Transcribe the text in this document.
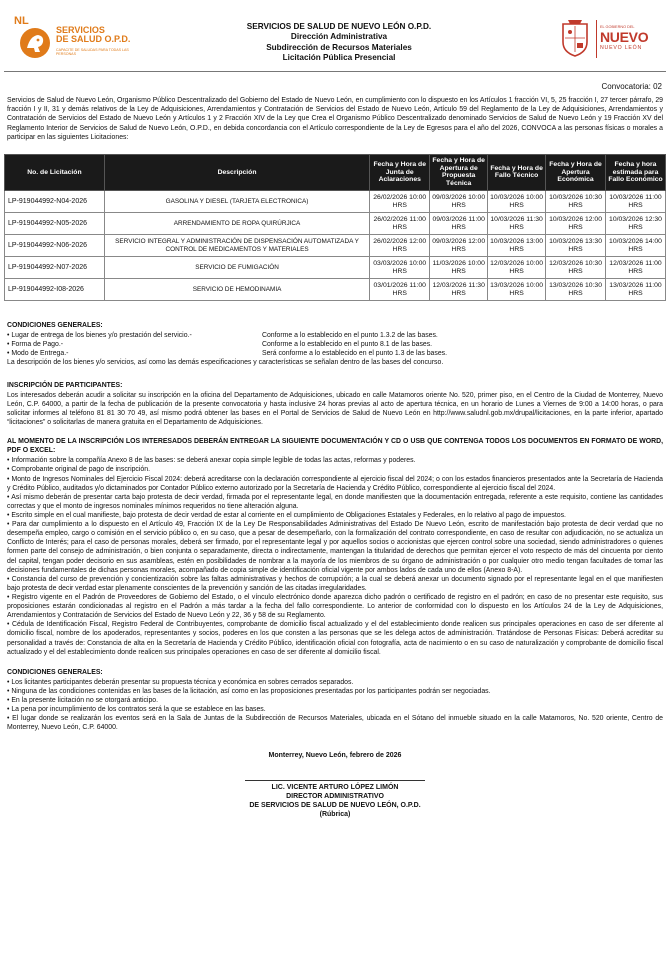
NL
SERVICIOS
DE SALUD O.P.D.
CAPACITE DE SALUDAS PARA TODAS LAS PERSONAS
SERVICIOS DE SALUD DE NUEVO LEÓN O.P.D.
Dirección Administrativa
Subdirección de Recursos Materiales
Licitación Pública Presencial
EL GOBIERNO DEL
NUEVO
NUEVO LEÓN
Convocatoria: 02
Servicios de Salud de Nuevo León, Organismo Público Descentralizado del Gobierno del Estado de Nuevo León, en cumplimiento con lo dispuesto en los Artículos 1 fracción VI, 5, 25 fracción I, 27 tercer párrafo, 29 fracción I y II, 31 y demás relativos de la Ley de Adquisiciones, Arrendamientos y Contratación de Servicios del Estado de Nuevo León, Artículo 59 del Reglamento de la Ley de Adquisiciones, Arrendamientos y Contratación de Servicios del Estado de Nuevo León y Artículos 1 y 2 Fracción XIV de la Ley que Crea el Organismo Público Descentralizado denominado Servicios de Salud de Nuevo León y 19 Fracción XV del Reglamento Interior de Servicios de Salud de Nuevo León, O.P.D., en debida concordancia con el Artículo correspondiente de la Ley de Egresos para el año del 2026, CONVOCA a las personas físicas o morales a participar en las siguientes Licitaciones:
No. de Licitación	Descripción	Fecha y Hora de Junta de Aclaraciones	Fecha y Hora de Apertura de Propuesta Técnica	Fecha y Hora de Fallo Técnico	Fecha y Hora de Apertura Económica	Fecha y hora estimada para Fallo Económico
LP-919044992-N04-2026	GASOLINA Y DIESEL (TARJETA ELECTRONICA)	26/02/2026 10:00 HRS	09/03/2026 10:00 HRS	10/03/2026 10:00 HRS	10/03/2026 10:30 HRS	10/03/2026 11:00 HRS
LP-919044992-N05-2026	ARRENDAMIENTO DE ROPA QUIRÚRJICA	26/02/2026 11:00 HRS	09/03/2026 11:00 HRS	10/03/2026 11:30 HRS	10/03/2026 12:00 HRS	10/03/2026 12:30 HRS
LP-919044992-N06-2026	SERVICIO INTEGRAL Y ADMINISTRACIÓN DE DISPENSACIÓN AUTOMATIZADA Y CONTROL DE MEDICAMENTOS Y MATERIALES	26/02/2026 12:00 HRS	09/03/2026 12:00 HRS	10/03/2026 13:00 HRS	10/03/2026 13:30 HRS	10/03/2026 14:00 HRS
LP-919044992-N07-2026	SERVICIO DE FUMIGACIÓN	03/03/2026 10:00 HRS	11/03/2026 10:00 HRS	12/03/2026 10:00 HRS	12/03/2026 10:30 HRS	12/03/2026 11:00 HRS
LP-919044992-I08-2026	SERVICIO DE HEMODINAMIA	03/01/2026 11:00 HRS	12/03/2026 11:30 HRS	13/03/2026 10:00 HRS	13/03/2026 10:30 HRS	13/03/2026 11:00 HRS
CONDICIONES GENERALES:
• Lugar de entrega de los bienes y/o prestación del servicio.-	Conforme a lo establecido en el punto 1.3.2 de las bases.
• Forma de Pago.-	Conforme a lo establecido en el punto 8.1 de las bases.
• Modo de Entrega.-	Será conforme a lo establecido en el punto 1.3 de las bases.
La descripción de los bienes y/o servicios, así como las demás especificaciones y características se señalan dentro de las bases del concurso.
INSCRIPCIÓN DE PARTICIPANTES:
Los interesados deberán acudir a solicitar su inscripción en la oficina del Departamento de Adquisiciones, ubicado en calle Matamoros oriente No. 520, primer piso, en el Centro de la Ciudad de Monterrey, Nuevo León, C.P. 64000, a partir de la fecha de publicación de la presente convocatoria y hasta inclusive 24 horas previas al acto de apertura técnica, en un horario de Lunes a Viernes de 9:00 a 14:00 horas, o para solicitar informes al teléfono 81 81 30 70 49, así mismo podrá obtener las bases en el Portal de Servicios de Salud de Nuevo León en http://www.saludnl.gob.mx/drupal/licitaciones, en la parte inferior, apartado “licitaciones” o solicitarlas de manera gratuita en el Departamento de Adquisiciones.
AL MOMENTO DE LA INSCRIPCIÓN LOS INTERESADOS DEBERÁN ENTREGAR LA SIGUIENTE DOCUMENTACIÓN Y CD O USB QUE CONTENGA TODOS LOS DOCUMENTOS EN FORMATO DE WORD, PDF O EXCEL:
• Información sobre la compañía Anexo 8 de las bases: se deberá anexar copia simple legible de todas las actas, reformas y poderes.
• Comprobante original de pago de inscripción.
• Monto de Ingresos Nominales del Ejercicio Fiscal 2024: deberá acreditarse con la declaración correspondiente al ejercicio fiscal del 2024; o con los estados financieros presentados ante la Secretaría de Hacienda y Crédito Público, auditados y/o dictaminados por Contador Público externo autorizado por la Secretaría de Hacienda y Crédito Público, correspondiente al ejercicio fiscal del 2024.
• Así mismo deberán de presentar carta bajo protesta de decir verdad, firmada por el representante legal, en donde manifiesten que la documentación entregada, referente a este requisito, contiene las cantidades correctas y que el monto de ingresos nominales mínimos requeridos no tiene alteración alguna.
• Escrito simple en el cual manifieste, bajo protesta de decir verdad de estar al corriente en el cumplimiento de Obligaciones Estatales y Federales, en lo relativo al pago de impuestos.
• Para dar cumplimiento a lo dispuesto en el Artículo 49, Fracción IX de la Ley De Responsabilidades Administrativas del Estado De Nuevo León, escrito de manifestación bajo protesta de decir verdad que no desempeña empleo, cargo o comisión en el servicio público o, en su caso, que a pesar de desempeñarlo, con la formalización del contrato correspondiente, en caso de resultar con adjudicación, no se actualiza un Conflicto de Interés; para el caso de personas morales, deberá ser firmado, por el representante legal y por aquellos socios o accionistas que ejercen control sobre una sociedad, siendo administradores o quienes formen parte del consejo de administración, o bien conjunta o separadamente, directa o indirectamente, mantengan la titularidad de derechos que permitan ejercer el voto respecto de más del cincuenta por ciento del capital, tengan poder decisorio en sus asambleas, estén en posibilidades de nombrar a la mayoría de los miembros de su órgano de administración o por cualquier otro medio tengan facultades de tomar las decisiones fundamentales de dichas personas morales, acompañado de copia simple de identificación oficial vigente por ambos lados de cada uno de ellos (Anexo 8-A).
• Constancia del curso de prevención y concientización sobre las faltas administrativas y hechos de corrupción; a la cual se deberá anexar un documento signado por el representante legal en el que manifiesten bajo protesta de decir verdad estar plenamente conscientes de la prevención y sanción de las citadas irregularidades.
• Registro vigente en el Padrón de Proveedores de Gobierno del Estado, o el vínculo electrónico donde aparezca dicho padrón o certificado de registro en el padrón; en caso de no presentar este requisito, sus proposiciones estarán condicionadas al registro en el Padrón a más tardar a la fecha del fallo correspondiente. Lo anterior de conformidad con lo dispuesto en los Artículos 24 de la Ley de Adquisiciones, Arrendamientos y Contratación de Servicios del Estado de Nuevo León y 22, 36 y 58 de su Reglamento.
• Cédula de Identificación Fiscal, Registro Federal de Contribuyentes, comprobante de domicilio fiscal actualizado y el del establecimiento donde realicen sus principales operaciones en caso de ser diferente al domicilio fiscal, nombre de los apoderados, representantes y socios, poderes en los que consten a las personas que se les delega actos de administración. Tratándose de Personas Físicas: Deberá acreditar su personalidad a través de: Constancia de alta en la Secretaría de Hacienda y Crédito Público, identificación oficial con fotografía, acta de nacimiento o en su caso de naturalización y comprobante de domicilio fiscal actualizado y el del establecimiento donde realicen sus principales operaciones en caso de ser diferente al domicilio fiscal.
CONDICIONES GENERALES:
• Los licitantes participantes deberán presentar su propuesta técnica y económica en sobres cerrados separados.
• Ninguna de las condiciones contenidas en las bases de la licitación, así como en las proposiciones presentadas por los participantes podrán ser negociadas.
• En la presente licitación no se otorgará anticipo.
• La pena por incumplimiento de los contratos será la que se establece en las bases.
• El lugar donde se realizarán los eventos será en la Sala de Juntas de la Subdirección de Recursos Materiales, ubicada en el Sótano del inmueble situado en la calle Matamoros, No. 520 oriente, Centro de Monterrey, Nuevo León, C.P. 64000.
Monterrey, Nuevo León, febrero de 2026
LIC. VICENTE ARTURO LÓPEZ LIMÓN
DIRECTOR ADMINISTRATIVO
DE SERVICIOS DE SALUD DE NUEVO LEÓN, O.P.D.
(Rúbrica)
